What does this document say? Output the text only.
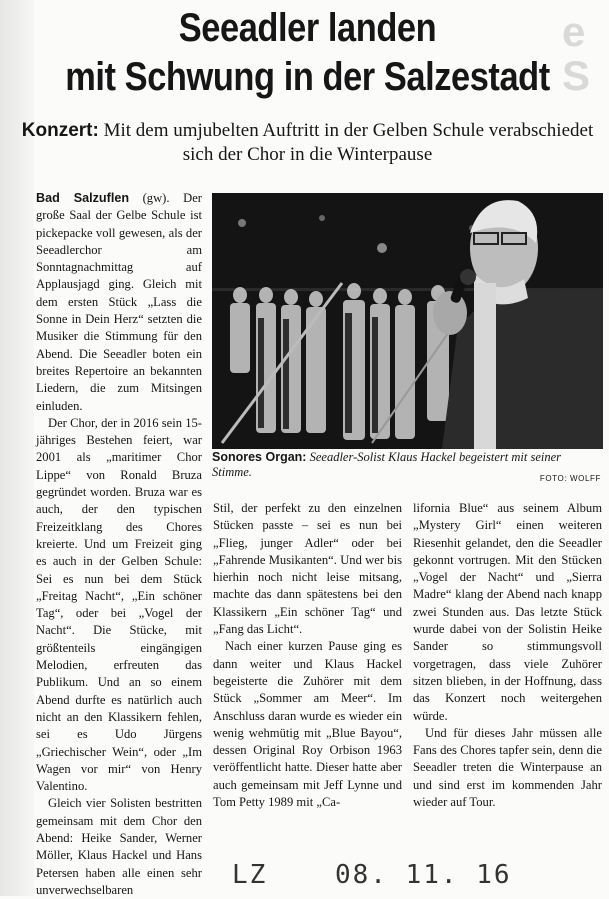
e
S
Seeadler landen
mit Schwung in der Salzestadt
Konzert: Mit dem umjubelten Auftritt in der Gelben Schule verabschiedet sich der Chor in die Winterpause
Sonores Organ: Seeadler-Solist Klaus Hackel begeistert mit seiner Stimme.	FOTO: WOLFF

Bad Salzuflen (gw). Der große Saal der Gelbe Schule ist pickepacke voll gewesen, als der Seeadlerchor am Sonntagnachmittag auf Applausjagd ging. Gleich mit dem ersten Stück „Lass die Sonne in Dein Herz“ setzten die Musiker die Stimmung für den Abend. Die Seeadler boten ein breites Repertoire an bekannten Liedern, die zum Mitsingen einluden.

Der Chor, der in 2016 sein 15-jähriges Bestehen feiert, war 2001 als „maritimer Chor Lippe“ von Ronald Bruza gegründet worden. Bruza war es auch, der den typischen Freizeitklang des Chores kreierte. Und um Freizeit ging es auch in der Gelben Schule: Sei es nun bei dem Stück „Freitag Nacht“, „Ein schöner Tag“, oder bei „Vogel der Nacht“. Die Stücke, mit größtenteils eingängigen Melodien, erfreuten das Publikum. Und an so einem Abend durfte es natürlich auch nicht an den Klassikern fehlen, sei es Udo Jürgens „Griechischer Wein“, oder „Im Wagen vor mir“ von Henry Valentino.

Gleich vier Solisten bestritten gemeinsam mit dem Chor den Abend: Heike Sander, Werner Möller, Klaus Hackel und Hans Petersen haben alle einen sehr unverwechselbaren

Stil, der perfekt zu den einzelnen Stücken passte – sei es nun bei „Flieg, junger Adler“ oder bei „Fahrende Musikanten“. Und wer bis hierhin noch nicht leise mitsang, machte das dann spätestens bei den Klassikern „Ein schöner Tag“ und „Fang das Licht“.

Nach einer kurzen Pause ging es dann weiter und Klaus Hackel begeisterte die Zuhörer mit dem Stück „Sommer am Meer“. Im Anschluss daran wurde es wieder ein wenig wehmütig mit „Blue Bayou“, dessen Original Roy Orbison 1963 veröffentlicht hatte. Dieser hatte aber auch gemeinsam mit Jeff Lynne und Tom Petty 1989 mit „Ca-

lifornia Blue“ aus seinem Album „Mystery Girl“ einen weiteren Riesenhit gelandet, den die Seeadler gekonnt vortrugen. Mit den Stücken „Vogel der Nacht“ und „Sierra Madre“ klang der Abend nach knapp zwei Stunden aus. Das letzte Stück wurde dabei von der Solistin Heike Sander so stimmungsvoll vorgetragen, dass viele Zuhörer sitzen blieben, in der Hoffnung, dass das Konzert noch weitergehen würde.

Und für dieses Jahr müssen alle Fans des Chores tapfer sein, denn die Seeadler treten die Winterpause an und sind erst im kommenden Jahr wieder auf Tour.

LZ	08. 11. 16
